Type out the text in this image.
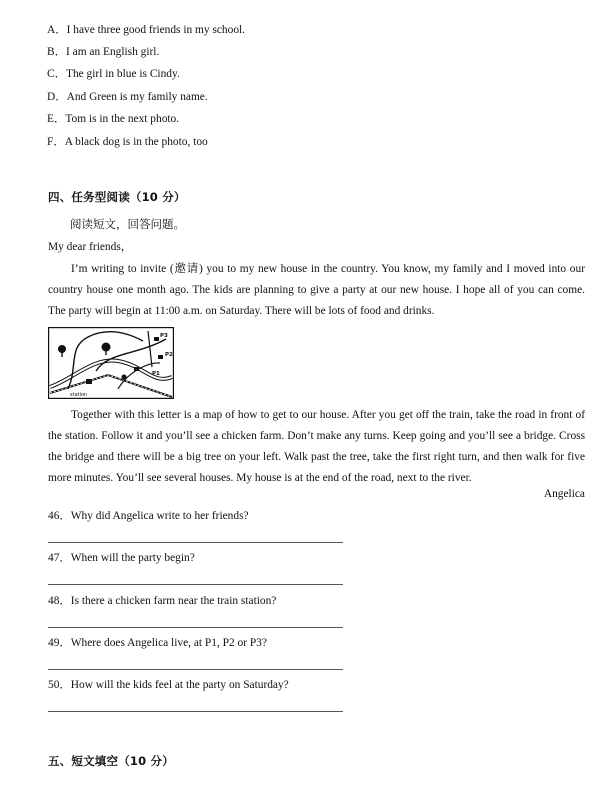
A．I have three good friends in my school.
B．I am an English girl.
C．The girl in blue is Cindy.
D．And Green is my family name.
E．Tom is in the next photo.
F．A black dog is in the photo, too
四、任务型阅读（10 分）
阅读短文，回答问题。
My dear friends，
I’m writing to invite (邀请) you to my new house in the country. You know, my family and I moved into our country house one month ago. The kids are planning to give a party at our new house. I hope all of you can come. The party will begin at 11:00 a.m. on Saturday. There will be lots of food and drinks.
P3
P2
P1
station
Together with this letter is a map of how to get to our house. After you get off the train, take the road in front of the station. Follow it and you’ll see a chicken farm. Don’t make any turns. Keep going and you’ll see a bridge. Cross the bridge and there will be a big tree on your left. Walk past the tree, take the first right turn, and then walk for five more minutes. You’ll see several houses. My house is at the end of the road, next to the river.
Angelica
46．Why did Angelica write to her friends?
47．When will the party begin?
48．Is there a chicken farm near the train station?
49．Where does Angelica live, at P1, P2 or P3?
50．How will the kids feel at the party on Saturday?
五、短文填空（10 分）
